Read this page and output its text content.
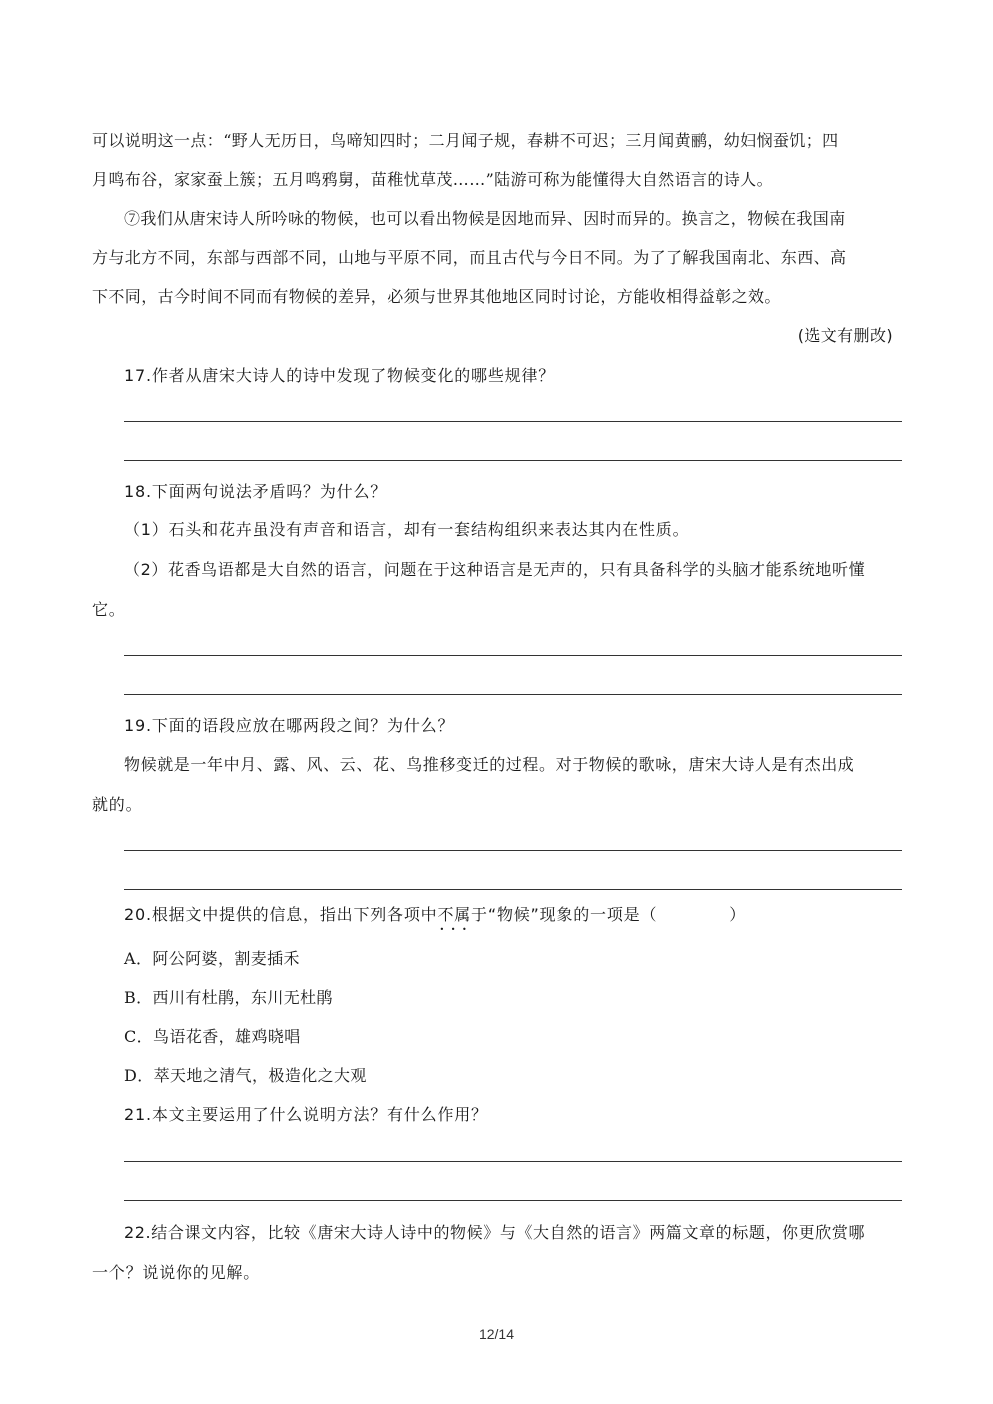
可以说明这一点：“野人无历日，鸟啼知四时；二月闻子规，春耕不可迟；三月闻黄鹂，幼妇悯蚕饥；四
月鸣布谷，家家蚕上簇；五月鸣鸦舅，苗稚忧草茂……”陆游可称为能懂得大自然语言的诗人。
⑦我们从唐宋诗人所吟咏的物候，也可以看出物候是因地而异、因时而异的。换言之，物候在我国南
方与北方不同，东部与西部不同，山地与平原不同，而且古代与今日不同。为了了解我国南北、东西、高
下不同，古今时间不同而有物候的差异，必须与世界其他地区同时讨论，方能收相得益彰之效。
(选文有删改)
17.作者从唐宋大诗人的诗中发现了物候变化的哪些规律？
18.下面两句说法矛盾吗？为什么？
（1）石头和花卉虽没有声音和语言，却有一套结构组织来表达其内在性质。
（2）花香鸟语都是大自然的语言，问题在于这种语言是无声的，只有具备科学的头脑才能系统地听懂
它。
19.下面的语段应放在哪两段之间？为什么？
物候就是一年中月、露、风、云、花、鸟推移变迁的过程。对于物候的歌咏，唐宋大诗人是有杰出成
就的。
20.根据文中提供的信息，指出下列各项中不属于 • • •“物候”现象的一项是（	）
A．阿公阿婆，割麦插禾
B．西川有杜鹃，东川无杜鹃
C．鸟语花香，雄鸡晓唱
D．萃天地之清气，极造化之大观
21.本文主要运用了什么说明方法？有什么作用？
22.结合课文内容，比较《唐宋大诗人诗中的物候》与《大自然的语言》两篇文章的标题，你更欣赏哪
一个？说说你的见解。
12/14
